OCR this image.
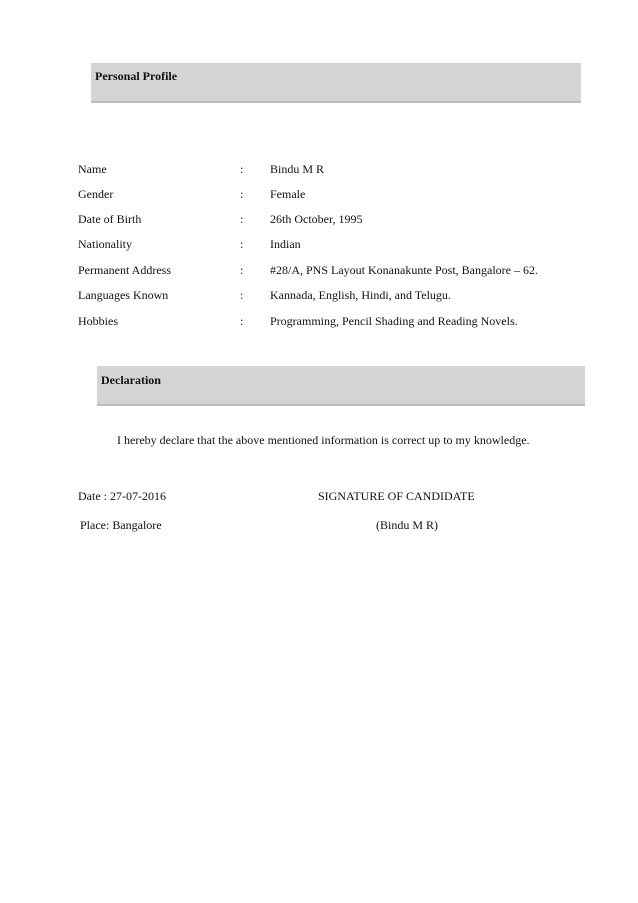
Personal Profile
Name	: Bindu M R
Gender	: Female
Date of Birth	: 26th October, 1995
Nationality	: Indian
Permanent Address	: #28/A, PNS Layout Konanakunte Post, Bangalore – 62.
Languages Known	: Kannada, English, Hindi, and Telugu.
Hobbies	: Programming, Pencil Shading and Reading Novels.
Declaration
I hereby declare that the above mentioned information is correct up to my knowledge.
Date : 27-07-2016	SIGNATURE OF CANDIDATE
Place: Bangalore	(Bindu M R)
